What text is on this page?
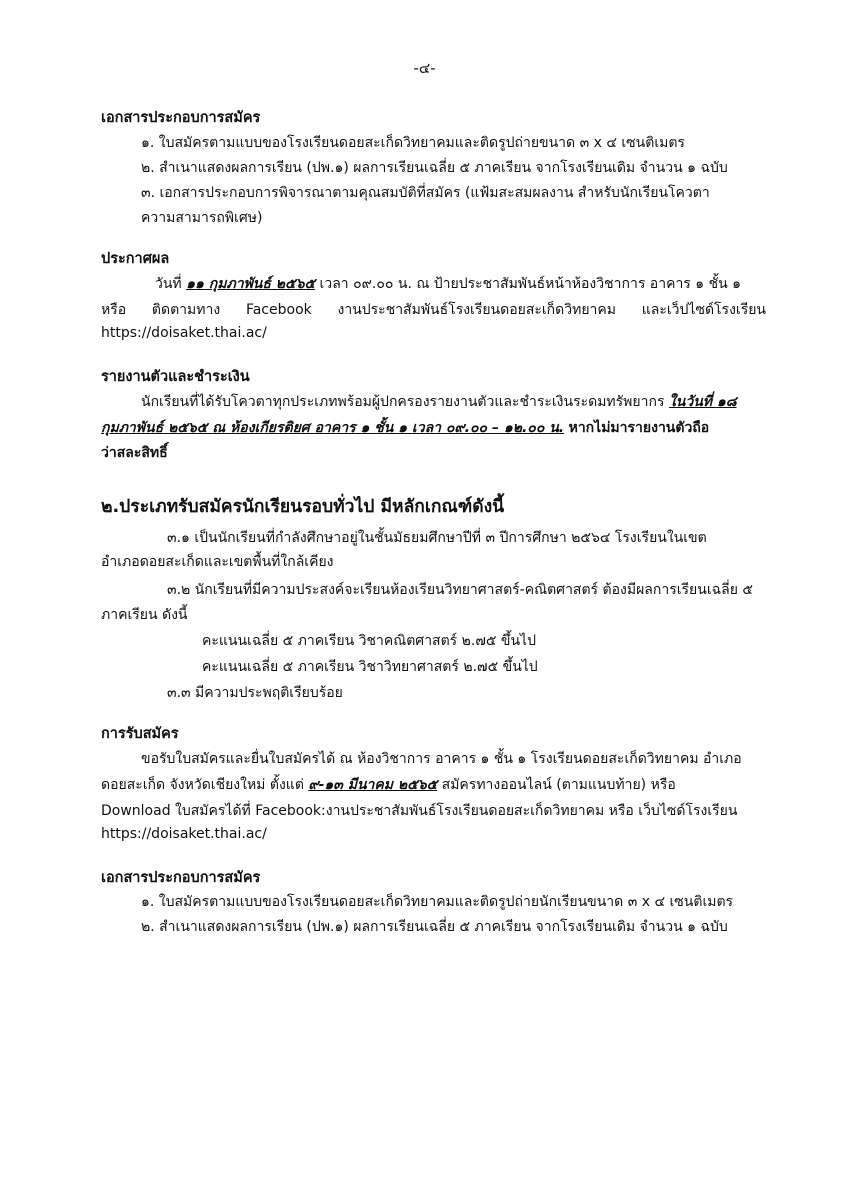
-๔-
เอกสารประกอบการสมัคร
๑. ใบสมัครตามแบบของโรงเรียนดอยสะเก็ดวิทยาคมและติดรูปถ่ายขนาด ๓ x ๔ เซนติเมตร
๒. สำเนาแสดงผลการเรียน (ปพ.๑) ผลการเรียนเฉลี่ย ๕ ภาคเรียน จากโรงเรียนเดิม จำนวน ๑ ฉบับ
๓. เอกสารประกอบการพิจารณาตามคุณสมบัติที่สมัคร (แฟ้มสะสมผลงาน สำหรับนักเรียนโควตา
ความสามารถพิเศษ)
ประกาศผล
วันที่ ๑๑ กุมภาพันธ์ ๒๕๖๕ เวลา ๐๙.๐๐ น. ณ ป้ายประชาสัมพันธ์หน้าห้องวิชาการ อาคาร ๑ ชั้น ๑
หรือ ติดตามทาง Facebook งานประชาสัมพันธ์โรงเรียนดอยสะเก็ดวิทยาคม และเว็ปไซด์โรงเรียน
https://doisaket.thai.ac/
รายงานตัวและชำระเงิน
นักเรียนที่ได้รับโควตาทุกประเภทพร้อมผู้ปกครองรายงานตัวและชำระเงินระดมทรัพยากร ในวันที่ ๑๘
กุมภาพันธ์ ๒๕๖๕ ณ ห้องเกียรติยศ อาคาร ๑ ชั้น ๑ เวลา ๐๙.๐๐ – ๑๒.๐๐ น. หากไม่มารายงานตัวถือ
ว่าสละสิทธิ์
๒.ประเภทรับสมัครนักเรียนรอบทั่วไป มีหลักเกณฑ์ดังนี้
๓.๑ เป็นนักเรียนที่กำลังศึกษาอยู่ในชั้นมัธยมศึกษาปีที่ ๓ ปีการศึกษา ๒๕๖๔ โรงเรียนในเขต
อำเภอดอยสะเก็ดและเขตพื้นที่ใกล้เคียง
๓.๒ นักเรียนที่มีความประสงค์จะเรียนห้องเรียนวิทยาศาสตร์-คณิตศาสตร์ ต้องมีผลการเรียนเฉลี่ย ๕
ภาคเรียน ดังนี้
คะแนนเฉลี่ย ๕ ภาคเรียน วิชาคณิตศาสตร์ ๒.๗๕ ขึ้นไป
คะแนนเฉลี่ย ๕ ภาคเรียน วิชาวิทยาศาสตร์ ๒.๗๕ ขึ้นไป
๓.๓ มีความประพฤติเรียบร้อย
การรับสมัคร
ขอรับใบสมัครและยื่นใบสมัครได้ ณ ห้องวิชาการ อาคาร ๑ ชั้น ๑ โรงเรียนดอยสะเก็ดวิทยาคม อำเภอ
ดอยสะเก็ด จังหวัดเชียงใหม่ ตั้งแต่ ๙-๑๓ มีนาคม ๒๕๖๕ สมัครทางออนไลน์ (ตามแนบท้าย) หรือ
Download ใบสมัครได้ที่ Facebook:งานประชาสัมพันธ์โรงเรียนดอยสะเก็ดวิทยาคม หรือ เว็บไซด์โรงเรียน
https://doisaket.thai.ac/
เอกสารประกอบการสมัคร
๑. ใบสมัครตามแบบของโรงเรียนดอยสะเก็ดวิทยาคมและติดรูปถ่ายนักเรียนขนาด ๓ x ๔ เซนติเมตร
๒. สำเนาแสดงผลการเรียน (ปพ.๑) ผลการเรียนเฉลี่ย ๕ ภาคเรียน จากโรงเรียนเดิม จำนวน ๑ ฉบับ
